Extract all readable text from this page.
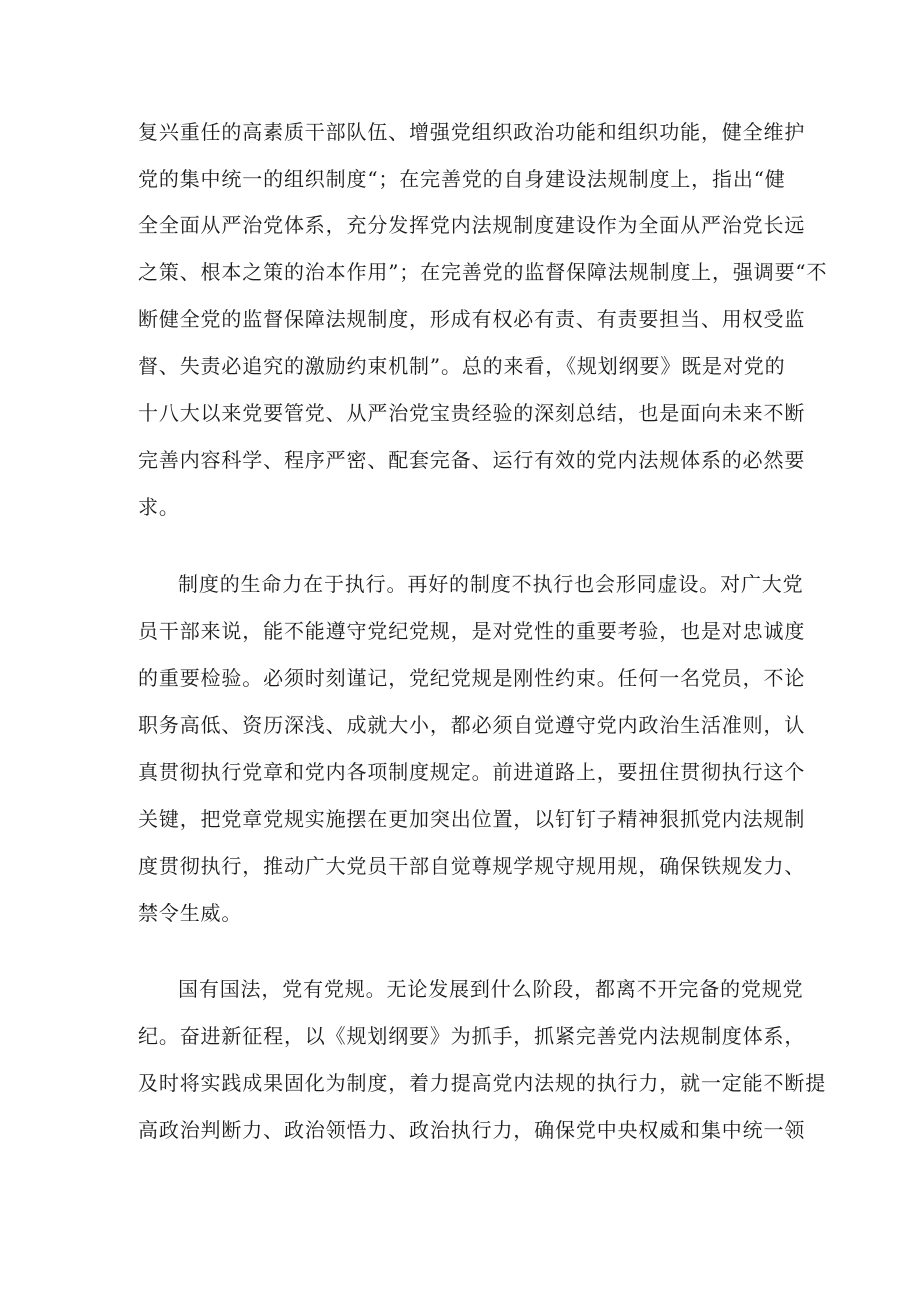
复兴重任的高素质干部队伍、增强党组织政治功能和组织功能，健全维护
党的集中统一的组织制度“；在完善党的自身建设法规制度上，指出“健
全全面从严治党体系，充分发挥党内法规制度建设作为全面从严治党长远
之策、根本之策的治本作用”；在完善党的监督保障法规制度上，强调要“不
断健全党的监督保障法规制度，形成有权必有责、有责要担当、用权受监
督、失责必追究的激励约束机制”。总的来看，《规划纲要》既是对党的
十八大以来党要管党、从严治党宝贵经验的深刻总结，也是面向未来不断
完善内容科学、程序严密、配套完备、运行有效的党内法规体系的必然要
求。
制度的生命力在于执行。再好的制度不执行也会形同虚设。对广大党
员干部来说，能不能遵守党纪党规，是对党性的重要考验，也是对忠诚度
的重要检验。必须时刻谨记，党纪党规是刚性约束。任何一名党员，不论
职务高低、资历深浅、成就大小，都必须自觉遵守党内政治生活准则，认
真贯彻执行党章和党内各项制度规定。前进道路上，要扭住贯彻执行这个
关键，把党章党规实施摆在更加突出位置，以钉钉子精神狠抓党内法规制
度贯彻执行，推动广大党员干部自觉尊规学规守规用规，确保铁规发力、
禁令生威。
国有国法，党有党规。无论发展到什么阶段，都离不开完备的党规党
纪。奋进新征程，以《规划纲要》为抓手，抓紧完善党内法规制度体系，
及时将实践成果固化为制度，着力提高党内法规的执行力，就一定能不断提
高政治判断力、政治领悟力、政治执行力，确保党中央权威和集中统一领
